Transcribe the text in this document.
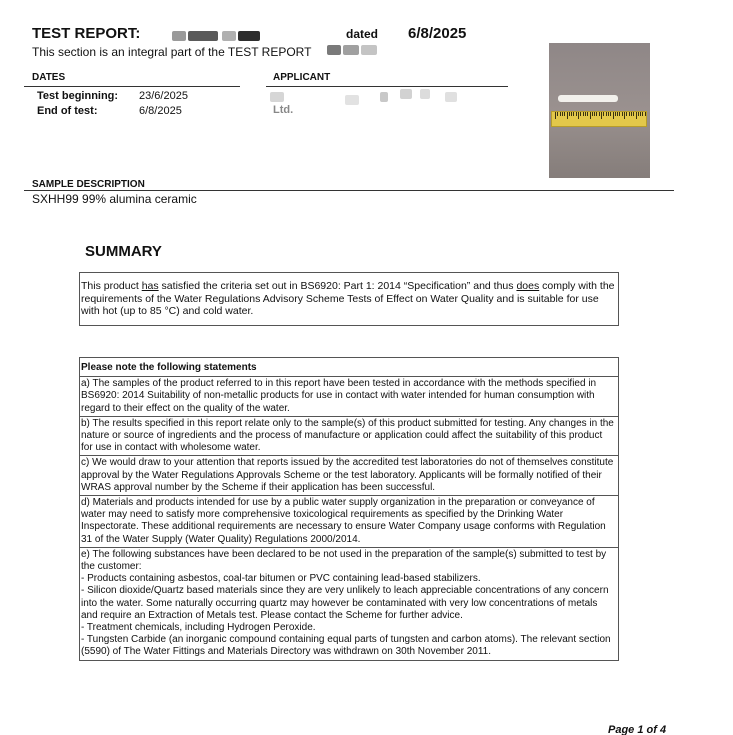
TEST REPORT:	dated 6/8/2025
This section is an integral part of the TEST REPORT
DATES
Test beginning: 23/6/2025
End of test:	6/8/2025
APPLICANT
Ltd.
SAMPLE DESCRIPTION
SXHH99 99% alumina ceramic
SUMMARY
This product has satisfied the criteria set out in BS6920: Part 1: 2014 “Specification” and thus does comply with the requirements of the Water Regulations Advisory Scheme Tests of Effect on Water Quality and is suitable for use with hot (up to 85 °C) and cold water.
Please note the following statements
a) The samples of the product referred to in this report have been tested in accordance with the methods specified in BS6920: 2014 Suitability of non-metallic products for use in contact with water intended for human consumption with regard to their effect on the quality of the water.
b) The results specified in this report relate only to the sample(s) of this product submitted for testing. Any changes in the nature or source of ingredients and the process of manufacture or application could affect the suitability of this product for use in contact with wholesome water.
c) We would draw to your attention that reports issued by the accredited test laboratories do not of themselves constitute approval by the Water Regulations Approvals Scheme or the test laboratory. Applicants will be formally notified of their WRAS approval number by the Scheme if their application has been successful.
d) Materials and products intended for use by a public water supply organization in the preparation or conveyance of water may need to satisfy more comprehensive toxicological requirements as specified by the Drinking Water Inspectorate. These additional requirements are necessary to ensure Water Company usage conforms with Regulation 31 of the Water Supply (Water Quality) Regulations 2000/2014.
e) The following substances have been declared to be not used in the preparation of the sample(s) submitted to test by the customer:
- Products containing asbestos, coal-tar bitumen or PVC containing lead-based stabilizers.
- Silicon dioxide/Quartz based materials since they are very unlikely to leach appreciable concentrations of any concern into the water. Some naturally occurring quartz may however be contaminated with very low concentrations of metals and require an Extraction of Metals test. Please contact the Scheme for further advice.
- Treatment chemicals, including Hydrogen Peroxide.
- Tungsten Carbide (an inorganic compound containing equal parts of tungsten and carbon atoms). The relevant section (5590) of The Water Fittings and Materials Directory was withdrawn on 30th November 2011.
Page 1 of 4
